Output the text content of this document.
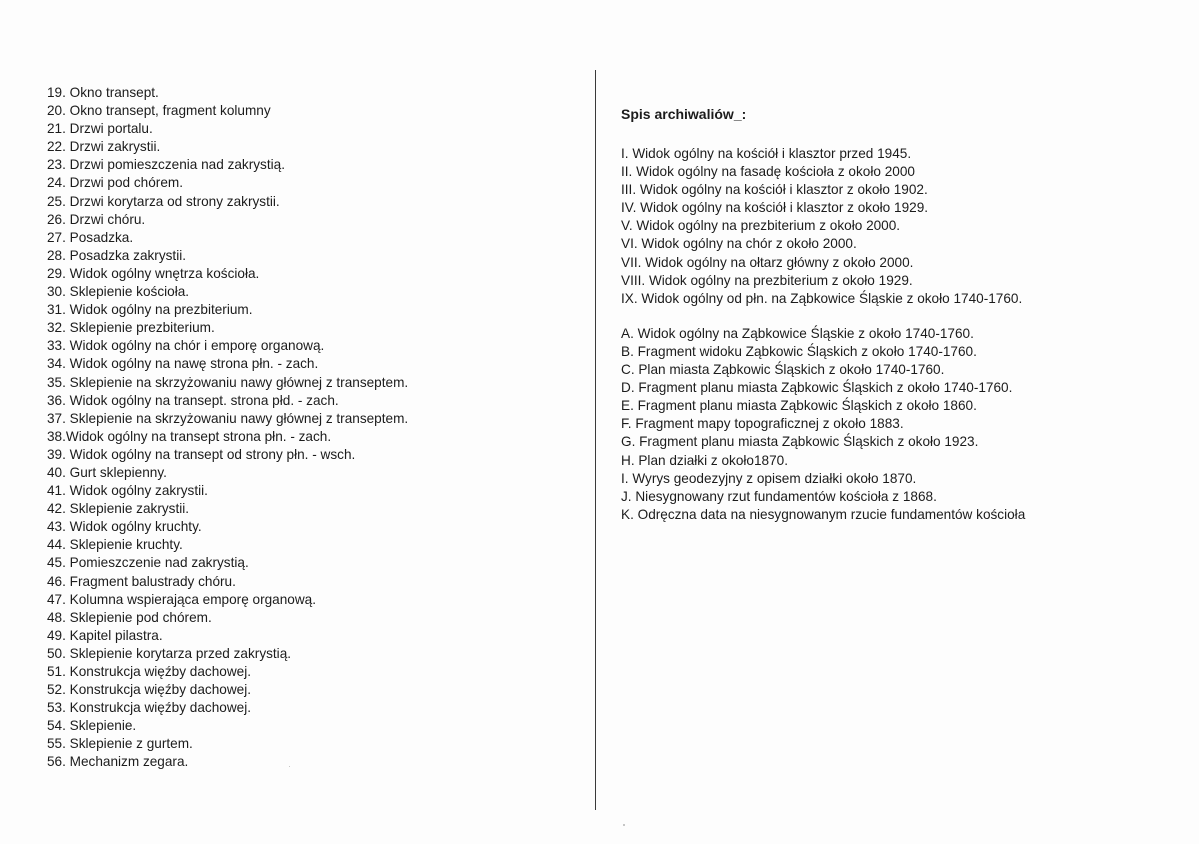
19. Okno transept.
20. Okno transept, fragment kolumny
21. Drzwi portalu.
22. Drzwi zakrystii.
23. Drzwi pomieszczenia nad zakrystią.
24. Drzwi pod chórem.
25. Drzwi korytarza od strony zakrystii.
26. Drzwi chóru.
27. Posadzka.
28. Posadzka zakrystii.
29. Widok ogólny wnętrza kościoła.
30. Sklepienie kościoła.
31. Widok ogólny na prezbiterium.
32. Sklepienie prezbiterium.
33. Widok ogólny na chór i emporę organową.
34. Widok ogólny na nawę strona płn. - zach.
35. Sklepienie na skrzyżowaniu nawy głównej z transeptem.
36. Widok ogólny na transept. strona płd. - zach.
37. Sklepienie na skrzyżowaniu nawy głównej z transeptem.
38.Widok ogólny na transept strona płn. - zach.
39. Widok ogólny na transept od strony płn. - wsch.
40. Gurt sklepienny.
41. Widok ogólny zakrystii.
42. Sklepienie zakrystii.
43. Widok ogólny kruchty.
44. Sklepienie kruchty.
45. Pomieszczenie nad zakrystią.
46. Fragment balustrady chóru.
47. Kolumna wspierająca emporę organową.
48. Sklepienie pod chórem.
49. Kapitel pilastra.
50. Sklepienie korytarza przed zakrystią.
51. Konstrukcja więźby dachowej.
52. Konstrukcja więźby dachowej.
53. Konstrukcja więźby dachowej.
54. Sklepienie.
55. Sklepienie z gurtem.
56. Mechanizm zegara.
Spis archiwaliów_:
I. Widok ogólny na kościół i klasztor przed 1945.
II. Widok ogólny na fasadę kościoła z około 2000
III. Widok ogólny na kościół i klasztor z około 1902.
IV. Widok ogólny na kościół i klasztor z około 1929.
V. Widok ogólny na prezbiterium z około 2000.
VI. Widok ogólny na chór z około 2000.
VII. Widok ogólny na ołtarz główny z około 2000.
VIII. Widok ogólny na prezbiterium z około 1929.
IX. Widok ogólny od płn. na Ząbkowice Śląskie z około 1740-1760.
A. Widok ogólny na Ząbkowice Śląskie z około 1740-1760.
B. Fragment widoku Ząbkowic Śląskich z około 1740-1760.
C. Plan miasta Ząbkowic Śląskich z około 1740-1760.
D. Fragment planu miasta Ząbkowic Śląskich z około 1740-1760.
E. Fragment planu miasta Ząbkowic Śląskich z około 1860.
F. Fragment mapy topograficznej z około 1883.
G. Fragment planu miasta Ząbkowic Śląskich z około 1923.
H. Plan działki z około1870.
I. Wyrys geodezyjny z opisem działki około 1870.
J. Niesygnowany rzut fundamentów kościoła z 1868.
K. Odręczna data na niesygnowanym rzucie fundamentów kościoła
